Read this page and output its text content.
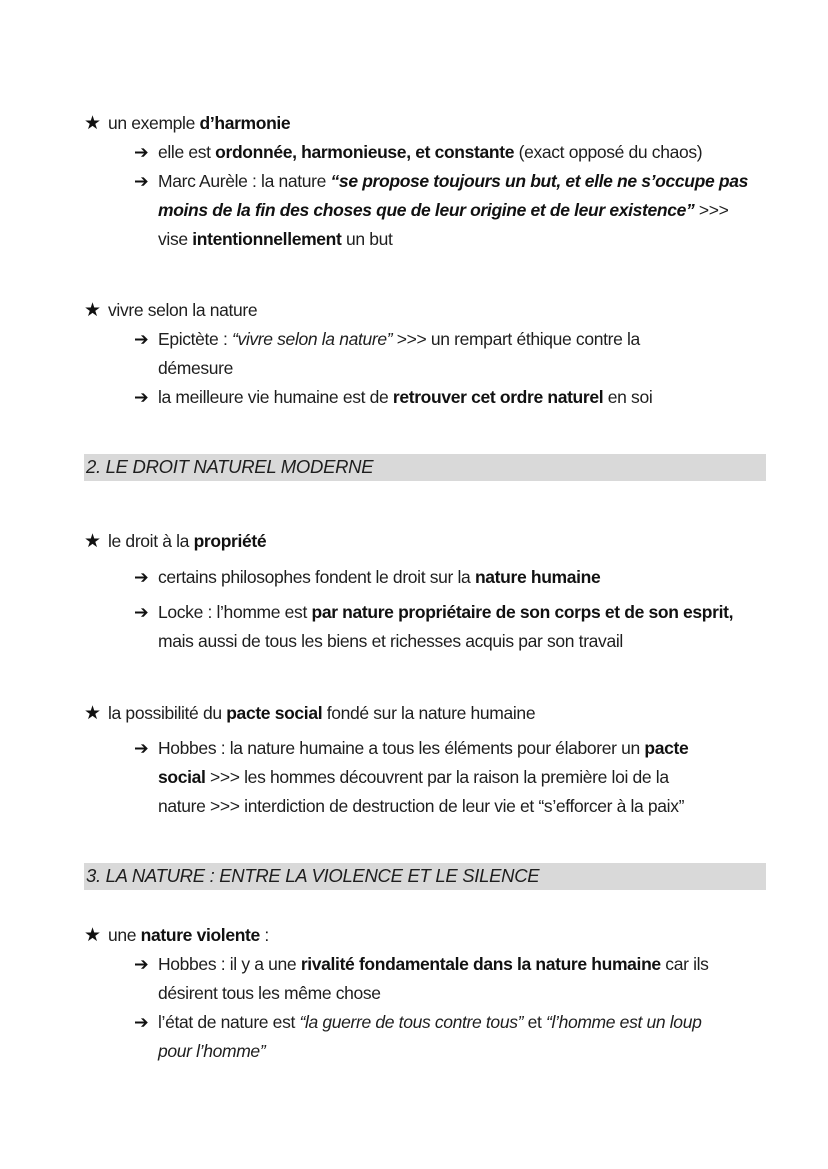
★ un exemple d’harmonie
➔ elle est ordonnée, harmonieuse, et constante (exact opposé du chaos)
➔ Marc Aurèle : la nature “se propose toujours un but, et elle ne s’occupe pas
moins de la fin des choses que de leur origine et de leur existence” >>>
vise intentionnellement un but
★ vivre selon la nature
➔ Epictète : “vivre selon la nature” >>> un rempart éthique contre la
démesure
➔ la meilleure vie humaine est de retrouver cet ordre naturel en soi
2. LE DROIT NATUREL MODERNE
★ le droit à la propriété
➔ certains philosophes fondent le droit sur la nature humaine
➔ Locke : l’homme est par nature propriétaire de son corps et de son esprit,
mais aussi de tous les biens et richesses acquis par son travail
★ la possibilité du pacte social fondé sur la nature humaine
➔ Hobbes : la nature humaine a tous les éléments pour élaborer un pacte
social >>> les hommes découvrent par la raison la première loi de la
nature >>> interdiction de destruction de leur vie et “s’efforcer à la paix”
3. LA NATURE : ENTRE LA VIOLENCE ET LE SILENCE
★ une nature violente :
➔ Hobbes : il y a une rivalité fondamentale dans la nature humaine car ils
désirent tous les même chose
➔ l’état de nature est “la guerre de tous contre tous” et “l’homme est un loup
pour l’homme”
